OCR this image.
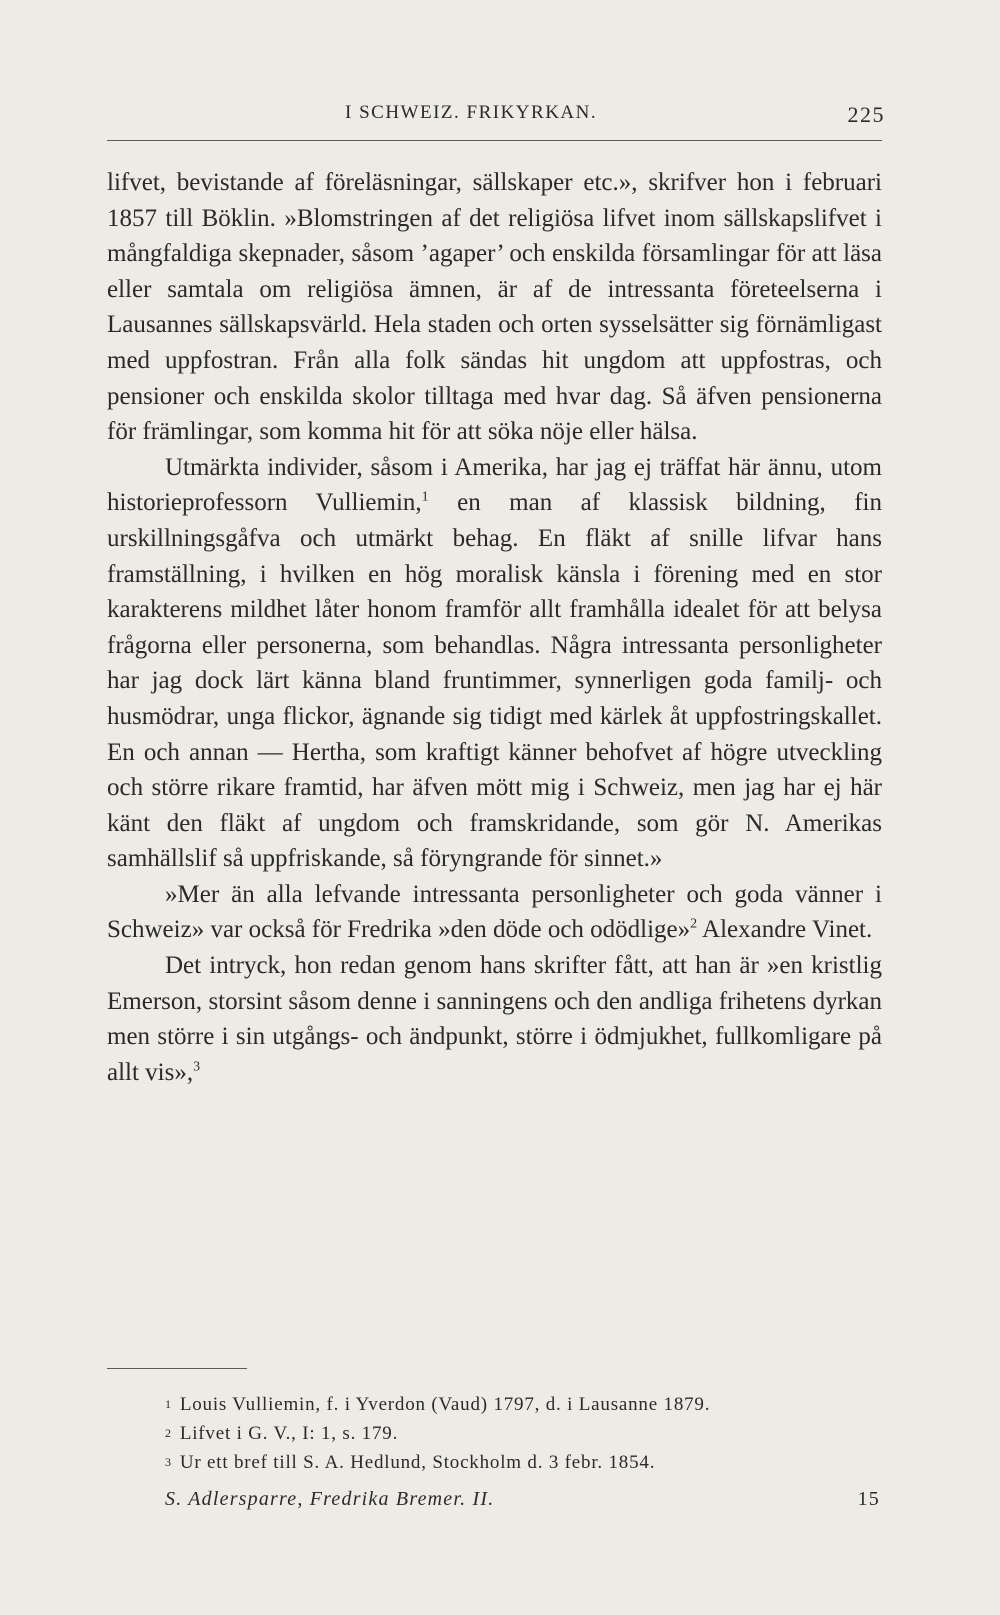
I SCHWEIZ. FRIKYRKAN.	225

lifvet, bevistande af föreläsningar, sällskaper etc.», skrifver hon i februari 1857 till Böklin. »Blomstringen af det religiösa lifvet inom sällskapslifvet i mångfaldiga skepnader, såsom ’agaper’ och enskilda församlingar för att läsa eller samtala om religiösa ämnen, är af de intressanta företeelserna i Lausannes sällskapsvärld. Hela staden och orten sysselsätter sig förnämligast med uppfostran. Från alla folk sändas hit ungdom att uppfostras, och pensioner och enskilda skolor tilltaga med hvar dag. Så äfven pensionerna för främlingar, som komma hit för att söka nöje eller hälsa.

Utmärkta individer, såsom i Amerika, har jag ej träffat här ännu, utom historieprofessorn Vulliemin,$^1$ en man af klassisk bildning, fin urskillningsgåfva och utmärkt behag. En fläkt af snille lifvar hans framställning, i hvilken en hög moralisk känsla i förening med en stor karakterens mildhet låter honom framför allt framhålla idealet för att belysa frågorna eller personerna, som behandlas. Några intressanta personligheter har jag dock lärt känna bland fruntimmer, synnerligen goda familj- och husmödrar, unga flickor, ägnande sig tidigt med kärlek åt uppfostringskallet. En och annan — Hertha, som kraftigt känner behofvet af högre utveckling och större rikare framtid, har äfven mött mig i Schweiz, men jag har ej här känt den fläkt af ungdom och framskridande, som gör N. Amerikas samhällslif så uppfriskande, så föryngrande för sinnet.»

»Mer än alla lefvande intressanta personligheter och goda vänner i Schweiz» var också för Fredrika »den döde och odödlige»$^2$ Alexandre Vinet.

Det intryck, hon redan genom hans skrifter fått, att han är »en kristlig Emerson, storsint såsom denne i sanningens och den andliga frihetens dyrkan men större i sin utgångs- och ändpunkt, större i ödmjukhet, fullkomligare på allt vis»,$^3$

$^1$ Louis Vulliemin, f. i Yverdon (Vaud) 1797, d. i Lausanne 1879.
$^2$ Lifvet i G. V., I: 1, s. 179.
$^3$ Ur ett bref till S. A. Hedlund, Stockholm d. 3 febr. 1854.
S. Adlersparre, Fredrika Bremer. II.	15
